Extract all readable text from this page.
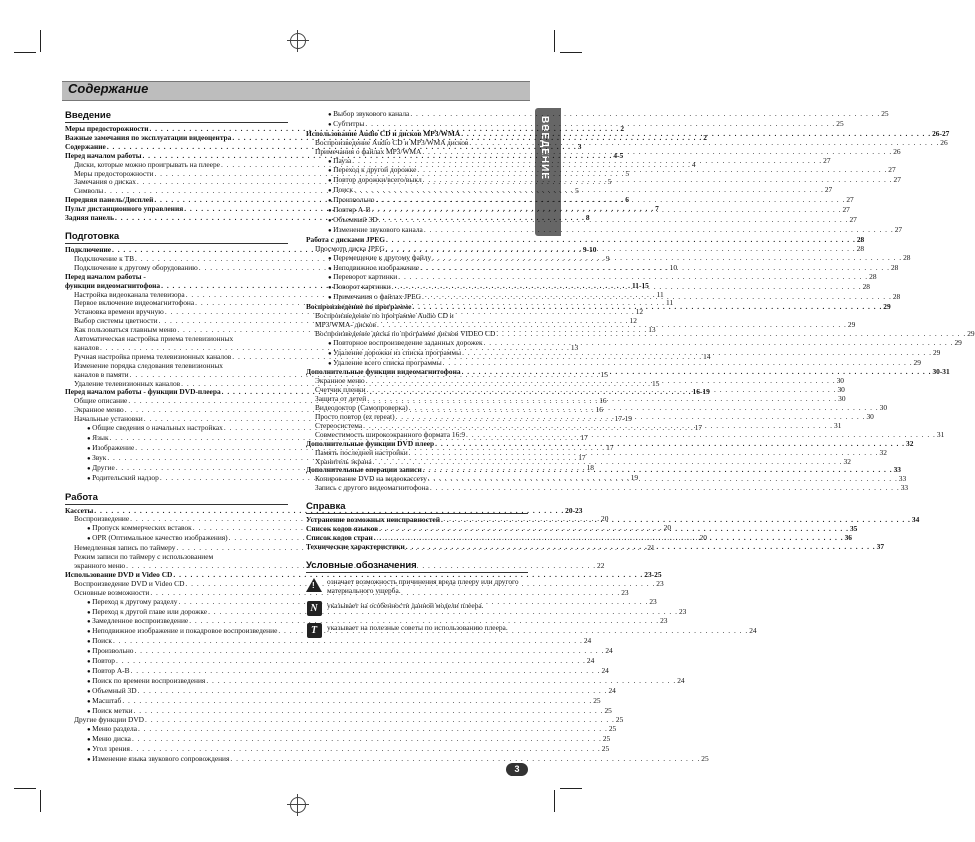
Содержание
ВВЕДЕНИЕ
Введение
Меры предосторожности . . .	2
Важные замечания по эксплуатации видеоцентра . . .	2
Содержание . . .	3
Перед началом работы . . .	4-5
Диски, которые можно проигрывать на плеере . . .	4
Меры предосторожности . . .	5
Замечания о дисках . . .	5
Символы . . .	5
Передняя панель/Дисплей . . .	6
Пульт дистанционного управления . . .	7
Задняя панель . . .	8
Подготовка
Подключение . . .	9-10
Подключение к ТВ . . .	9
Подключение к другому оборудованию . . .	10
Перед началом работы -
функции видеомагнитофона . . .	11-15
Настройка видеоканала телевизора . . .	11
Первое включение видеомагнитофона . . .	11
Установка времени вручную . . .	12
Выбор системы цветности . . .	12
Как пользоваться главным меню . . .	13
Автоматическая настройка приема телевизионных
каналов . . .	13
Ручная настройка приема телевизионных каналов . . .	14
Изменение порядка следования телевизионных
каналов в памяти . . .	15
Удаление телевизионных каналов . . .	15
Перед началом работы - функции DVD-плеера . . .	16-19
Общие описание . . .	16
Экранное меню . . .	16
Начальные установки . . .	17-19
● Общие сведения о начальных настройках . . .	17
● Язык . . .	17
● Изображение . . .	17
● Звук . . .	17
● Другие . . .	18
● Родительский надзор . . .	19
Работа
Кассеты . . .	20-23
Воспроизведение . . .	20
● Пропуск коммерческих вставок . . .	20
● OPR (Оптимальное качество изображения) . . .	20
Немедленная запись по таймеру . . .	21
Режим записи по таймеру с использованием
экранного меню . . .	22
Использование DVD и Video CD . . .	23-25
Воспроизведение DVD и Video CD . . .	23
Основные возможности . . .	23
● Переход к другому разделу . . .	23
● Переход к другой главе или дорожке . . .	23
● Замедленное воспроизведение . . .	23
● Неподвижное изображение и покадровое воспроизведение . . .	24
● Поиск . . .	24
● Произвольно . . .	24
● Повтор . . .	24
● Повтор A-B . . .	24
● Поиск по времени воспроизведения . . .	24
● Объемный 3D . . .	24
● Масштаб . . .	25
● Поиск метки . . .	25
Другие функции DVD . . .	25
● Меню раздела . . .	25
● Меню диска . . .	25
● Угол зрения . . .	25
● Изменение языка звукового сопровождения . . .	25
● Выбор звукового канала . . .	25
● Субтитры . . .	25
Использование Audio CD и дисков MP3/WMA . . .	26-27
Воспроизведение Audio CD и MP3/WMA дисков . . .	26
Примечания о файлах MP3/WMA . . .	26
● Пауза . . .	27
● Переход к другой дорожке . . .	27
● Повтор дорожки/всего/выкл . . .	27
● Поиск . . .	27
● Произвольно . . .	27
● Повтор A-B . . .	27
● Объемный 3D . . .	27
● Изменение звукового канала . . .	27
Работа с дисками JPEG . . .	28
Просмотр диска JPEG . . .	28
● Перемещение к другому файлу . . .	28
● Неподвижное изображение . . .	28
● Переворот картинки . . .	28
● Поворот картинки . . .	28
● Примечания о файлах JPEG . . .	28
Воспроизведение по программе . . .	29
Воспроизведение по программе Audio CD и
MP3/WMA- дисков . . .	29
Воспроизведение диска по программе дисков VIDEO CD . . .	29
● Повторное воспроизведение заданных дорожек . . .	29
● Удаление дорожки из списка программы . . .	29
● Удаление всего списка программы . . .	29
Дополнительные функции видеомагнитофона . . .	30-31
Экранное меню . . .	30
Счетчик пленки . . .	30
Защита от детей . . .	30
Видеодоктор (Самопроверка) . . .	30
Просто повтор (ez repeat) . . .	30
Стереосистема . . .	31
Совместимость широкоэкранного формата 16:9 . . .	31
Дополнительные функции DVD плеер . . .	32
Память последней настройки . . .	32
Хранитель экрана . . .	32
Дополнительные операции записи . . .	33
Копирование DVD на видеокассету . . .	33
Запись с другого видеомагнитофона . . .	33
Справка
Устранение возможных неисправностей . . .	34
Список кодов языков . . .	35
Список кодов стран . . .	36
Технические характеристики . . .	37
Условные обозначения
!
означает возможность причинения вреда плееру или другого материального ущерба.
N	указывает на особенности данной модели плеера.
T	указывает на полезные советы по использованию плеера.
3
